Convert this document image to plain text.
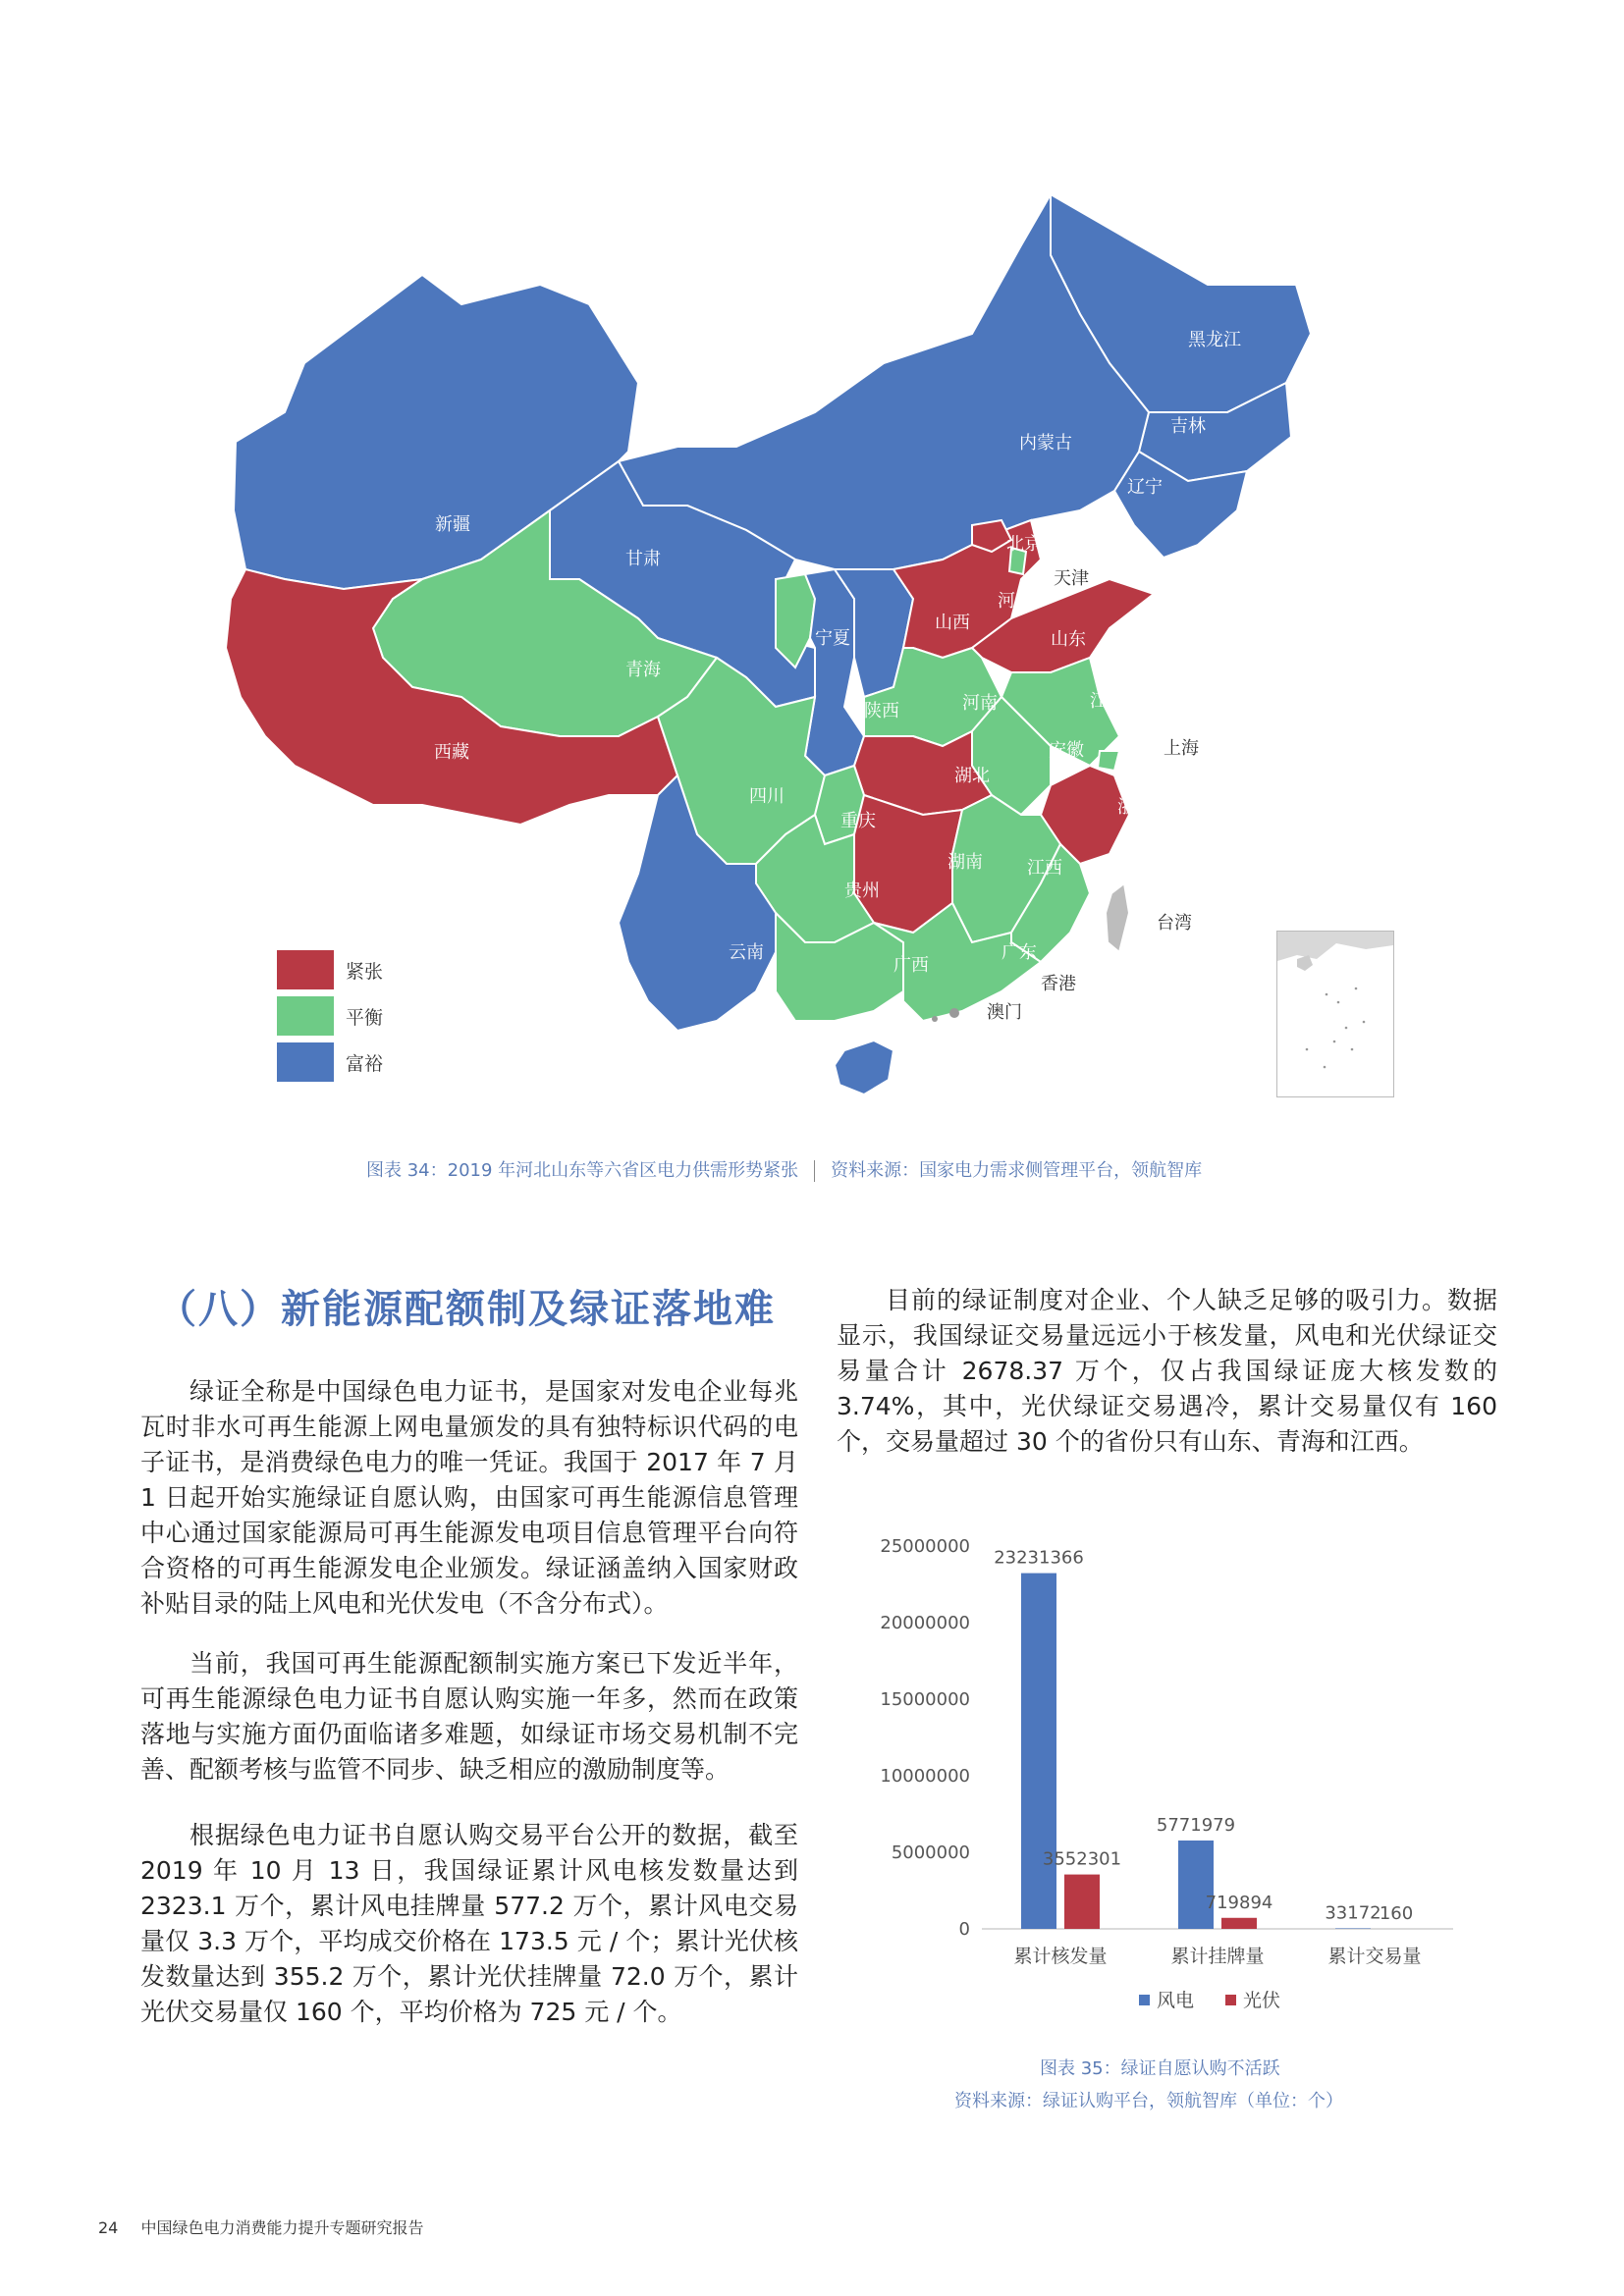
黑龙江
吉林
辽宁
内蒙古
新疆
甘肃
青海
西藏
宁夏
山西
陕西
北京
天津
河北
山东
河南	江苏
安徽	上海
湖北
浙江
四川
重庆
湖南	江西
福建
贵州
云南
广西
广东
台湾
香港
澳门
海南
紧张
平衡
富裕
图表 34：2019 年河北山东等六省区电力供需形势紧张 资料来源：国家电力需求侧管理平台，领航智库
（八）新能源配额制及绿证落地难
绿证全称是中国绿色电力证书，是国家对发电企业每兆瓦时非水可再生能源上网电量颁发的具有独特标识代码的电子证书，是消费绿色电力的唯一凭证。我国于 2017 年 7 月 1 日起开始实施绿证自愿认购，由国家可再生能源信息管理中心通过国家能源局可再生能源发电项目信息管理平台向符合资格的可再生能源发电企业颁发。绿证涵盖纳入国家财政补贴目录的陆上风电和光伏发电（不含分布式）。
当前，我国可再生能源配额制实施方案已下发近半年，可再生能源绿色电力证书自愿认购实施一年多，然而在政策落地与实施方面仍面临诸多难题，如绿证市场交易机制不完善、配额考核与监管不同步、缺乏相应的激励制度等。
根据绿色电力证书自愿认购交易平台公开的数据，截至 2019 年 10 月 13 日，我国绿证累计风电核发数量达到 2323.1 万个，累计风电挂牌量 577.2 万个，累计风电交易量仅 3.3 万个，平均成交价格在 173.5 元 / 个；累计光伏核发数量达到 355.2 万个，累计光伏挂牌量 72.0 万个，累计光伏交易量仅 160 个，平均价格为 725 元 / 个。
目前的绿证制度对企业、个人缺乏足够的吸引力。数据显示，我国绿证交易量远远小于核发量，风电和光伏绿证交易量合计 2678.37 万个，仅占我国绿证庞大核发数的 3.74%，其中，光伏绿证交易遇冷，累计交易量仅有 160 个，交易量超过 30 个的省份只有山东、青海和江西。
0
5000000
10000000
15000000
20000000
25000000
23231366
3552301
5771979
719894
33172
160
累计核发量	累计挂牌量	累计交易量
风电	光伏
图表 35：绿证自愿认购不活跃
资料来源：绿证认购平台，领航智库（单位：个）
24 中国绿色电力消费能力提升专题研究报告
